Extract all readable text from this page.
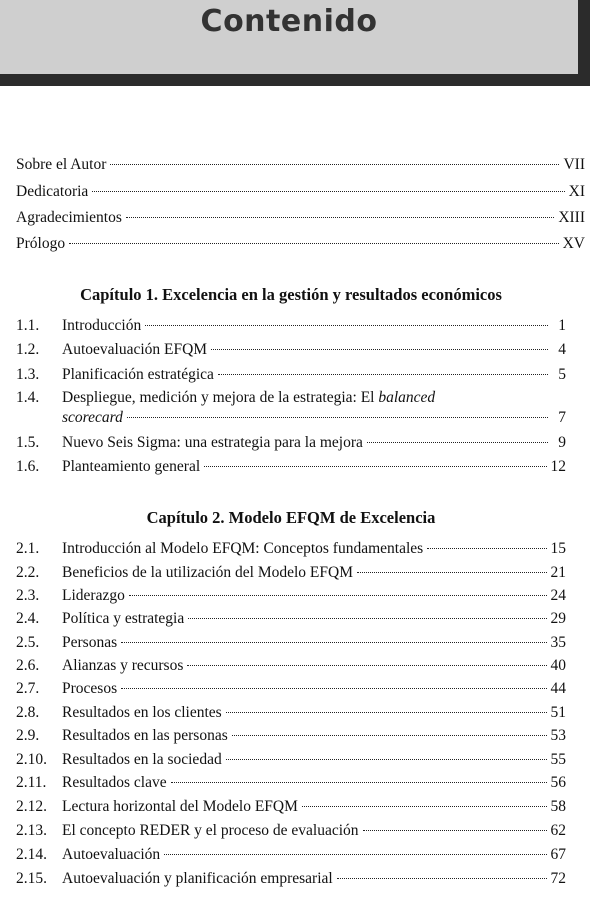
Contenido
Sobre el Autor	VII
Dedicatoria	XI
Agradecimientos	XIII
Prólogo	XV
Capítulo 1. Excelencia en la gestión y resultados económicos
1.1.	Introducción	1
1.2.	Autoevaluación EFQM	4
1.3.	Planificación estratégica	5
1.4.	Despliegue, medición y mejora de la estrategia: El balanced
scorecard	7
1.5.	Nuevo Seis Sigma: una estrategia para la mejora	9
1.6.	Planteamiento general	12
Capítulo 2. Modelo EFQM de Excelencia
2.1.	Introducción al Modelo EFQM: Conceptos fundamentales	15
2.2.	Beneficios de la utilización del Modelo EFQM	21
2.3.	Liderazgo	24
2.4.	Política y estrategia	29
2.5.	Personas	35
2.6.	Alianzas y recursos	40
2.7.	Procesos	44
2.8.	Resultados en los clientes	51
2.9.	Resultados en las personas	53
2.10. Resultados en la sociedad	55
2.11.	Resultados clave	56
2.12. Lectura horizontal del Modelo EFQM	58
2.13. El concepto REDER y el proceso de evaluación	62
2.14. Autoevaluación	67
2.15. Autoevaluación y planificación empresarial	72
